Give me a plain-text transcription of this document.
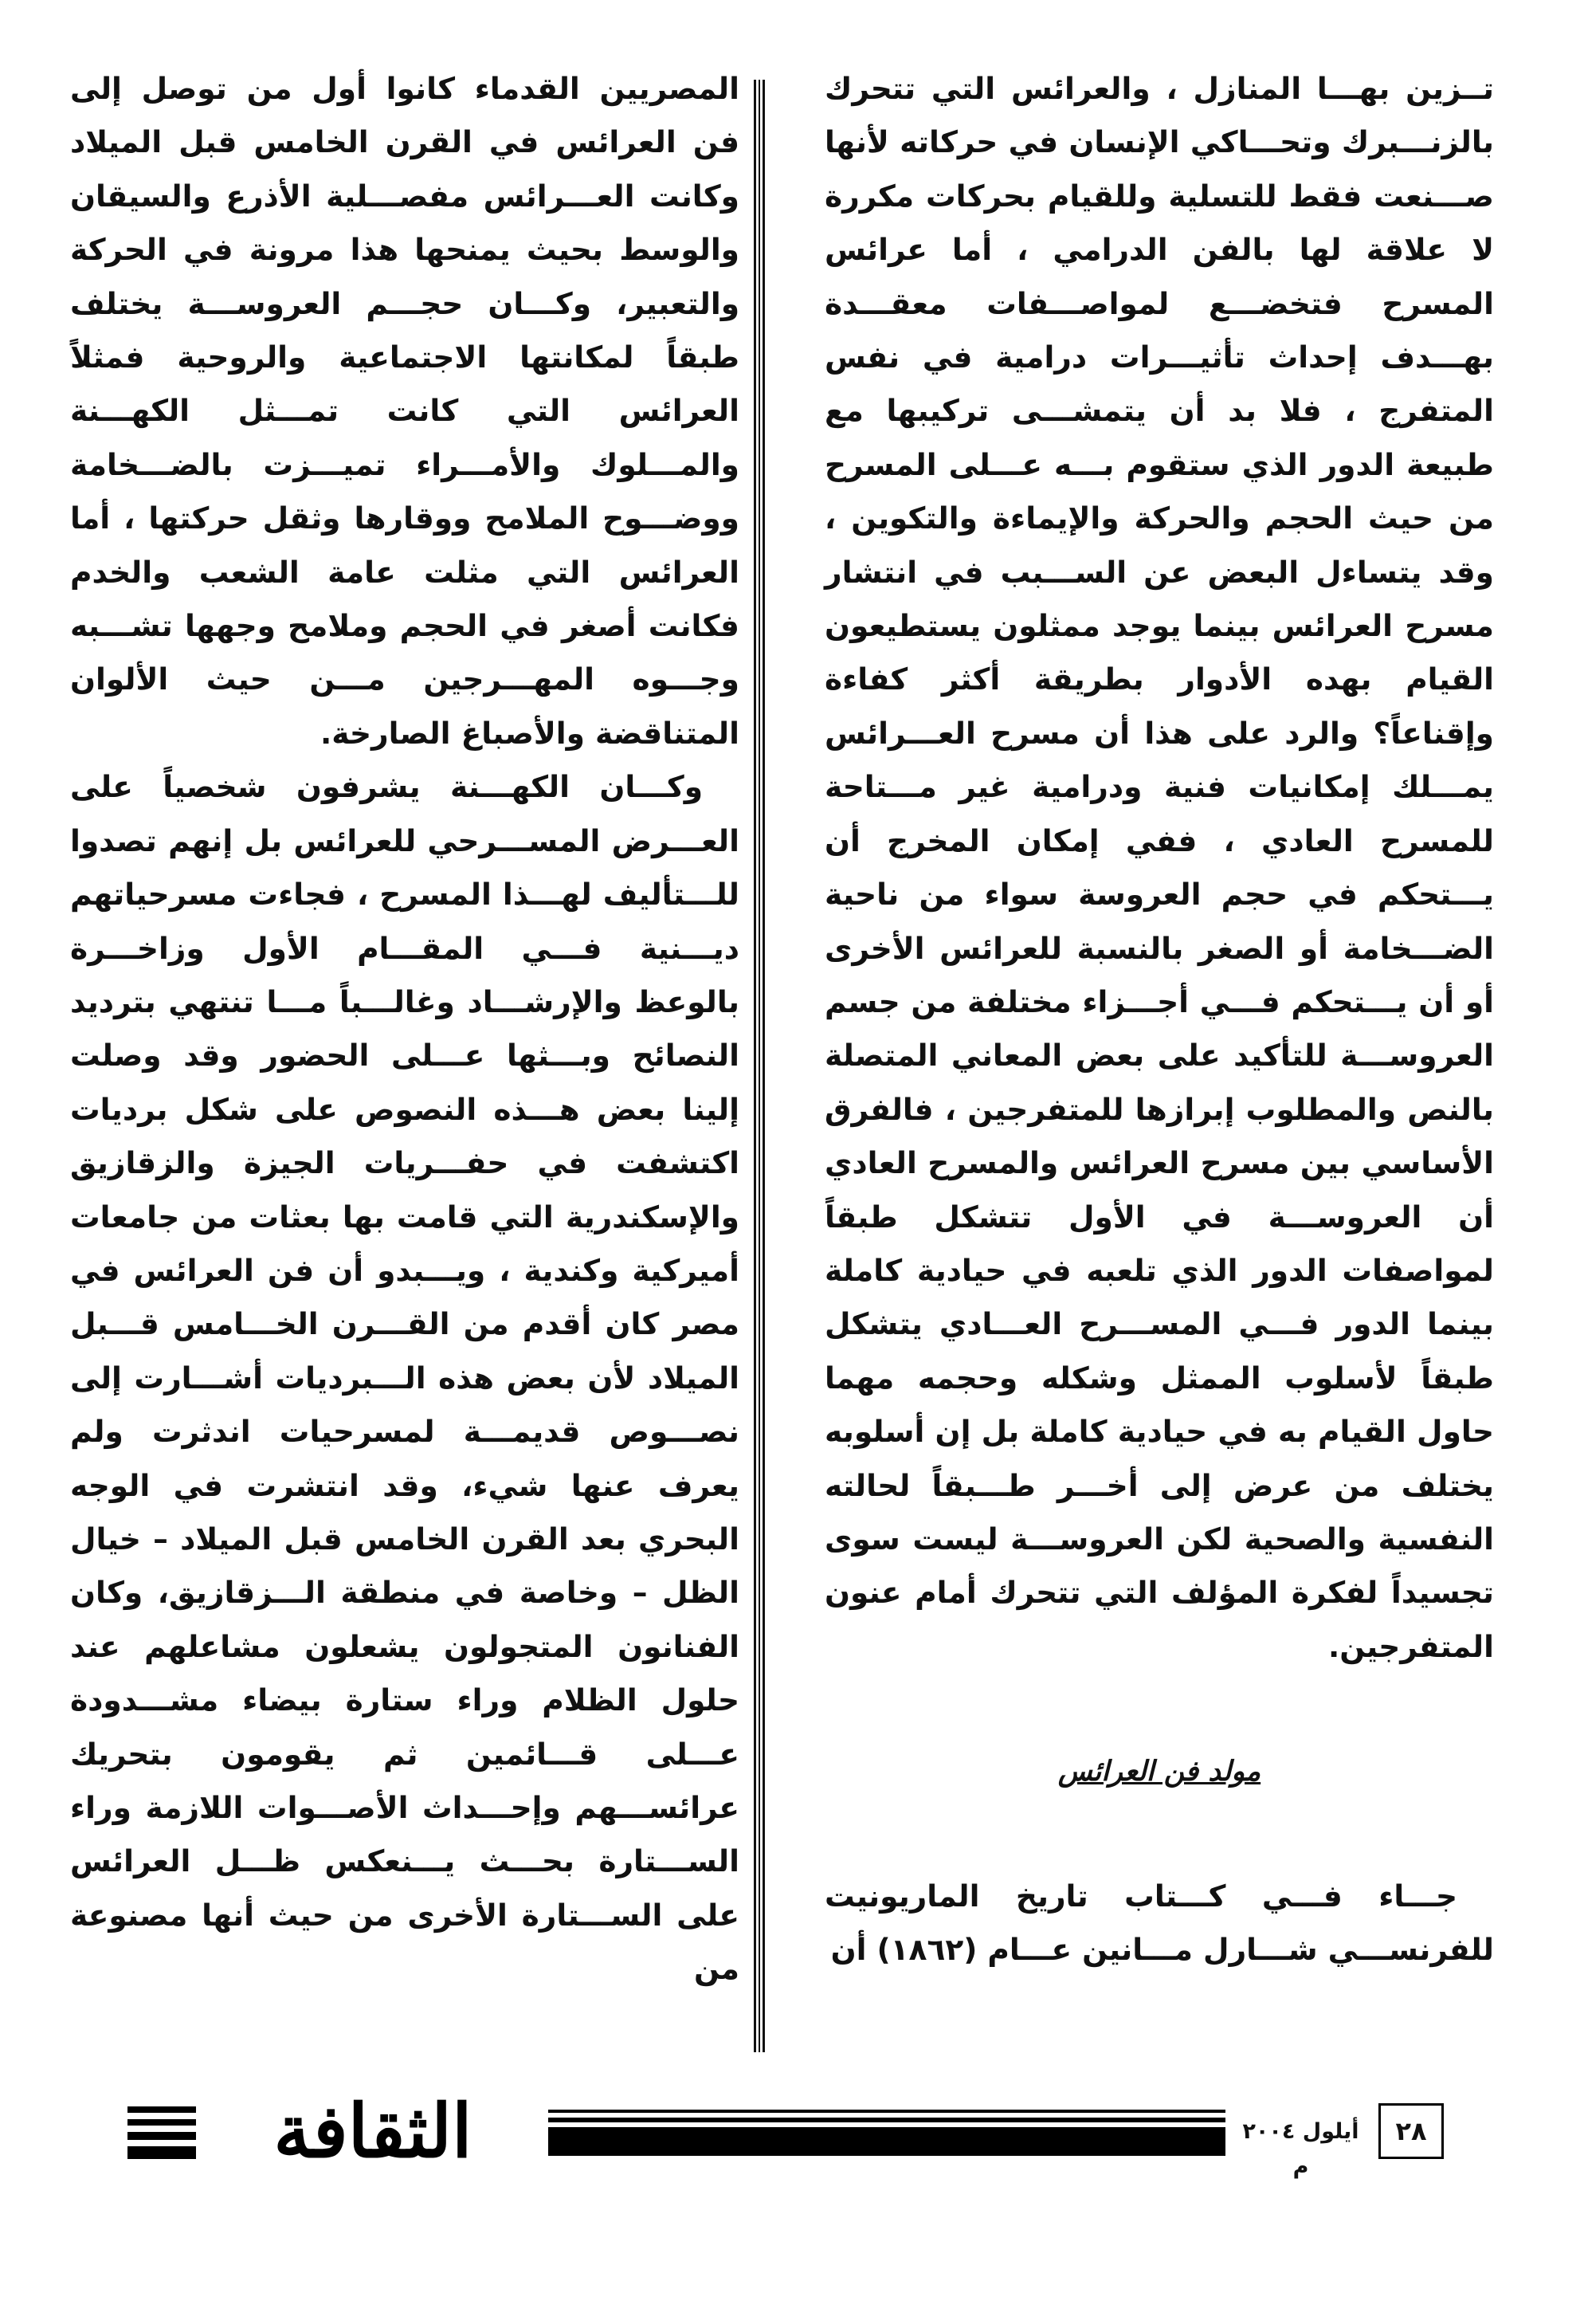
تــزين بهـــا المنازل ، والعرائس التي تتحرك بالزنـــبرك وتحـــاكي الإنسان في حركاته لأنها صـــنعت فقط للتسلية وللقيام بحركات مكررة لا علاقة لها بالفن الدرامي ، أما عرائس المسرح فتخضـــع لمواصـــفات معقـــدة بهـــدف إحداث تأثيـــرات درامية في نفس المتفرج ، فلا بد أن يتمشـــى تركيبها مع طبيعة الدور الذي ستقوم بـــه عـــلى المسرح من حيث الحجم والحركة والإيماءة والتكوين ، وقد يتساءل البعض عن الســـبب في انتشار مسرح العرائس بينما يوجد ممثلون يستطيعون القيام بهده الأدوار بطريقة أكثر كفاءة وإقناعاً؟ والرد على هذا أن مسرح العـــرائس يمـــلك إمكانيات فنية ودرامية غير مـــتاحة للمسرح العادي ، ففي إمكان المخرج أن يـــتحكم في حجم العروسة سواء من ناحية الضـــخامة أو الصغر بالنسبة للعرائس الأخرى أو أن يـــتحكم فـــي أجـــزاء مختلفة من جسم العروســـة للتأكيد على بعض المعاني المتصلة بالنص والمطلوب إبرازها للمتفرجين ، فالفرق الأساسي بين مسرح العرائس والمسرح العادي أن العروســـة في الأول تتشكل طبقاً لمواصفات الدور الذي تلعبه في حيادية كاملة بينما الدور فـــي المســـرح العـــادي يتشكل طبقاً لأسلوب الممثل وشكله وحجمه مهما حاول القيام به في حيادية كاملة بل إن أسلوبه يختلف من عرض إلى أخـــر طـــبقاً لحالته النفسية والصحية لكن العروســـة ليست سوى تجسيداً لفكرة المؤلف التي تتحرك أمام عنون المتفرجين.

مولد فن العرائس

جـــاء فـــي كـــتاب تاريخ الماريونيت للفرنســـي شـــارل مـــانين عـــام (١٨٦٢) أن

المصريين القدماء كانوا أول من توصل إلى فن العرائس في القرن الخامس قبل الميلاد وكانت العـــرائس مفصـــلية الأذرع والسيقان والوسط بحيث يمنحها هذا مرونة في الحركة والتعبير، وكـــان حجـــم العروســـة يختلف طبقاً لمكانتها الاجتماعية والروحية فمثلاً العرائس التي كانت تمـــثل الكهـــنة والمـــلوك والأمـــراء تميـــزت بالضـــخامة ووضـــوح الملامح ووقارها وثقل حركتها ، أما العرائس التي مثلت عامة الشعب والخدم فكانت أصغر في الحجم وملامح وجهها تشـــبه وجـــوه المهـــرجين مـــن حيث الألوان المتناقضة والأصباغ الصارخة.

وكـــان الكهـــنة يشرفون شخصياً على العـــرض المســـرحي للعرائس بل إنهم تصدوا للـــتأليف لهـــذا المسرح ، فجاءت مسرحياتهم ديـــنية فـــي المقـــام الأول وزاخـــرة بالوعظ والإرشـــاد وغالـــباً مـــا تنتهي بترديد النصائح وبـــثها عـــلى الحضور وقد وصلت إلينا بعض هـــذه النصوص على شكل برديات اكتشفت في حفـــريات الجيزة والزقازيق والإسكندرية التي قامت بها بعثات من جامعات أميركية وكندية ، ويـــبدو أن فن العرائس في مصر كان أقدم من القـــرن الخـــامس قـــبل الميلاد لأن بعض هذه الـــبرديات أشـــارت إلى نصـــوص قديمـــة لمسرحيات اندثرت ولم يعرف عنها شيء، وقد انتشرت في الوجه البحري بعد القرن الخامس قبل الميلاد – خيال الظل – وخاصة في منطقة الـــزقازيق، وكان الفنانون المتجولون يشعلون مشاعلهم عند حلول الظلام وراء ستارة بيضاء مشـــدودة عـــلى قـــائمين ثم يقومون بتحريك عرائســـهم وإحـــداث الأصـــوات اللازمة وراء الســـتارة بحـــث يـــنعكس ظـــل العرائس على الســـتارة الأخرى من حيث أنها مصنوعة من

الثقافة	أيلول ٢٠٠٤ م
٢٨
